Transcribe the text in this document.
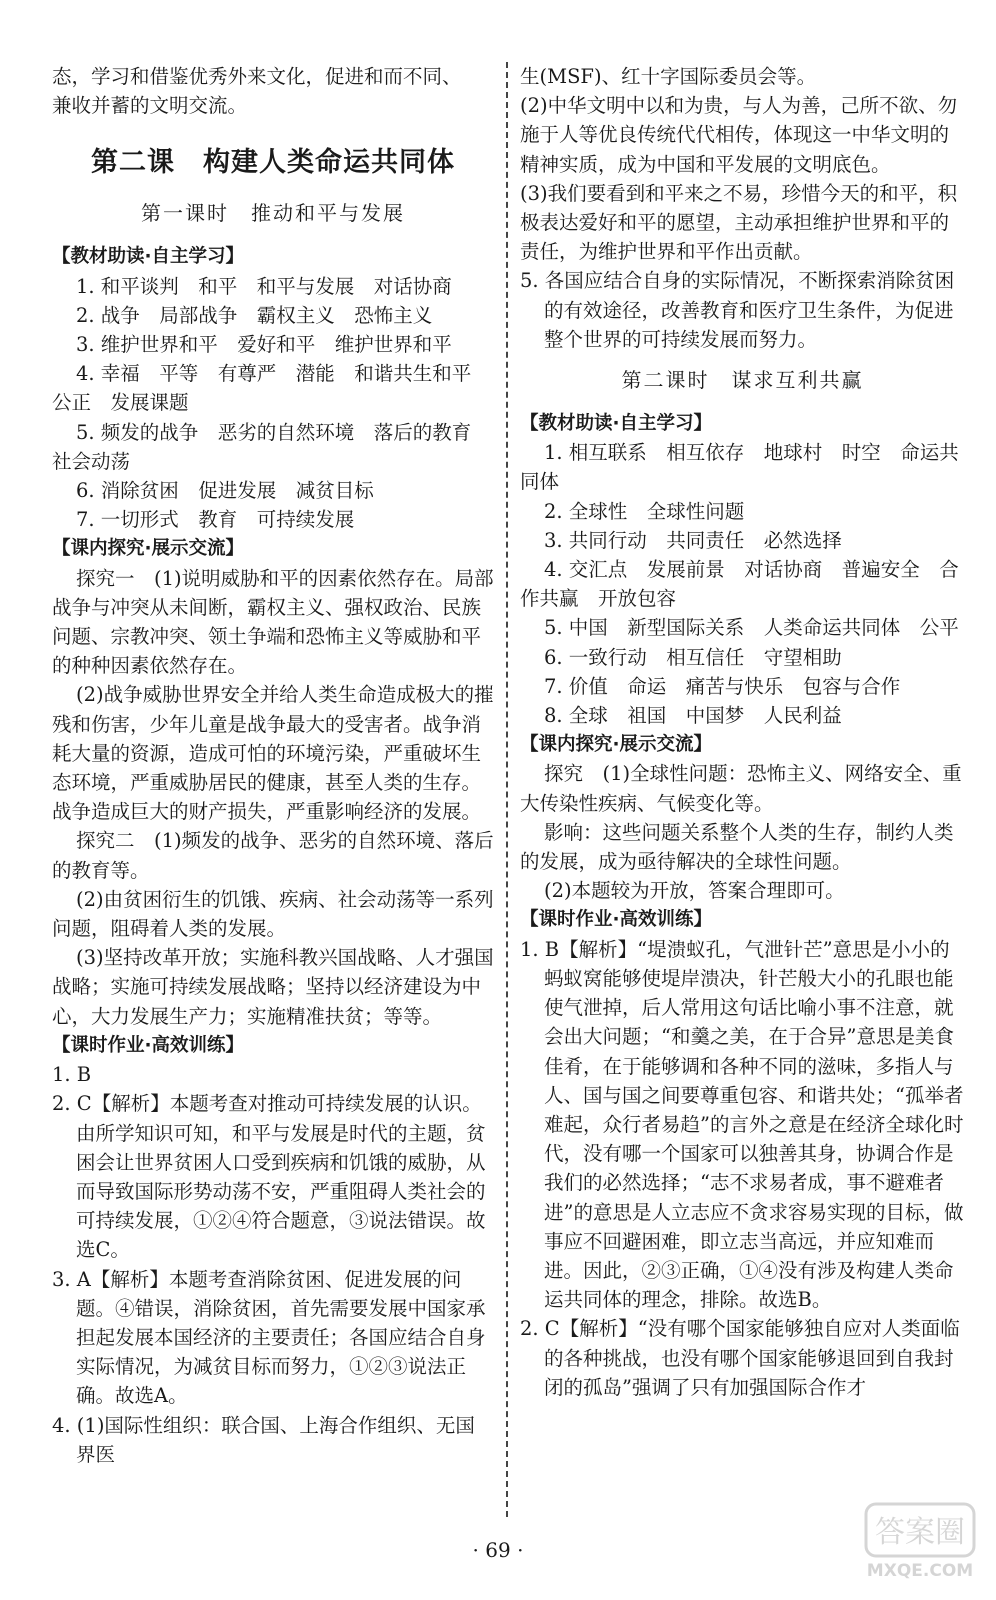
态，学习和借鉴优秀外来文化，促进和而不同、

兼收并蓄的文明交流。

第二课　构建人类命运共同体
第一课时　推动和平与发展
【教材助读·自主学习】

1. 和平谈判　和平　和平与发展　对话协商

2. 战争　局部战争　霸权主义　恐怖主义

3. 维护世界和平　爱好和平　维护世界和平

4. 幸福　平等　有尊严　潜能　和谐共生和平　公正　发展课题

5. 频发的战争　恶劣的自然环境　落后的教育　社会动荡

6. 消除贫困　促进发展　减贫目标

7. 一切形式　教育　可持续发展

【课内探究·展示交流】

探究一　(1)说明威胁和平的因素依然存在。局部战争与冲突从未间断，霸权主义、强权政治、民族问题、宗教冲突、领土争端和恐怖主义等威胁和平的种种因素依然存在。

(2)战争威胁世界安全并给人类生命造成极大的摧残和伤害，少年儿童是战争最大的受害者。战争消耗大量的资源，造成可怕的环境污染，严重破坏生态环境，严重威胁居民的健康，甚至人类的生存。战争造成巨大的财产损失，严重影响经济的发展。

探究二　(1)频发的战争、恶劣的自然环境、落后的教育等。

(2)由贫困衍生的饥饿、疾病、社会动荡等一系列问题，阻碍着人类的发展。

(3)坚持改革开放；实施科教兴国战略、人才强国战略；实施可持续发展战略；坚持以经济建设为中心，大力发展生产力；实施精准扶贫；等等。

【课时作业·高效训练】

1. B

2. C【解析】本题考查对推动可持续发展的认识。由所学知识可知，和平与发展是时代的主题，贫困会让世界贫困人口受到疾病和饥饿的威胁，从而导致国际形势动荡不安，严重阻碍人类社会的可持续发展，①②④符合题意，③说法错误。故选C。

3. A【解析】本题考查消除贫困、促进发展的问题。④错误，消除贫困，首先需要发展中国家承担起发展本国经济的主要责任；各国应结合自身实际情况，为减贫目标而努力，①②③说法正确。故选A。

4. (1)国际性组织：联合国、上海合作组织、无国界医

生(MSF)、红十字国际委员会等。

(2)中华文明中以和为贵，与人为善，己所不欲、勿施于人等优良传统代代相传，体现这一中华文明的精神实质，成为中国和平发展的文明底色。

(3)我们要看到和平来之不易，珍惜今天的和平，积极表达爱好和平的愿望，主动承担维护世界和平的责任，为维护世界和平作出贡献。

5. 各国应结合自身的实际情况，不断探索消除贫困的有效途径，改善教育和医疗卫生条件，为促进整个世界的可持续发展而努力。

第二课时　谋求互利共赢
【教材助读·自主学习】

1. 相互联系　相互依存　地球村　时空　命运共同体

2. 全球性　全球性问题

3. 共同行动　共同责任　必然选择

4. 交汇点　发展前景　对话协商　普遍安全　合作共赢　开放包容

5. 中国　新型国际关系　人类命运共同体　公平

6. 一致行动　相互信任　守望相助

7. 价值　命运　痛苦与快乐　包容与合作

8. 全球　祖国　中国梦　人民利益

【课内探究·展示交流】

探究　(1)全球性问题：恐怖主义、网络安全、重大传染性疾病、气候变化等。

影响：这些问题关系整个人类的生存，制约人类的发展，成为亟待解决的全球性问题。

(2)本题较为开放，答案合理即可。

【课时作业·高效训练】

1. B【解析】“堤溃蚁孔，气泄针芒”意思是小小的蚂蚁窝能够使堤岸溃决，针芒般大小的孔眼也能使气泄掉，后人常用这句话比喻小事不注意，就会出大问题；“和羹之美，在于合异”意思是美食佳肴，在于能够调和各种不同的滋味，多指人与人、国与国之间要尊重包容、和谐共处；“孤举者难起，众行者易趋”的言外之意是在经济全球化时代，没有哪一个国家可以独善其身，协调合作是我们的必然选择；“志不求易者成，事不避难者进”的意思是人立志应不贪求容易实现的目标，做事应不回避困难，即立志当高远，并应知难而进。因此，②③正确，①④没有涉及构建人类命运共同体的理念，排除。故选B。

2. C【解析】“没有哪个国家能够独自应对人类面临的各种挑战，也没有哪个国家能够退回到自我封闭的孤岛”强调了只有加强国际合作才

· 69 ·	答案圈
MXQE.COM
